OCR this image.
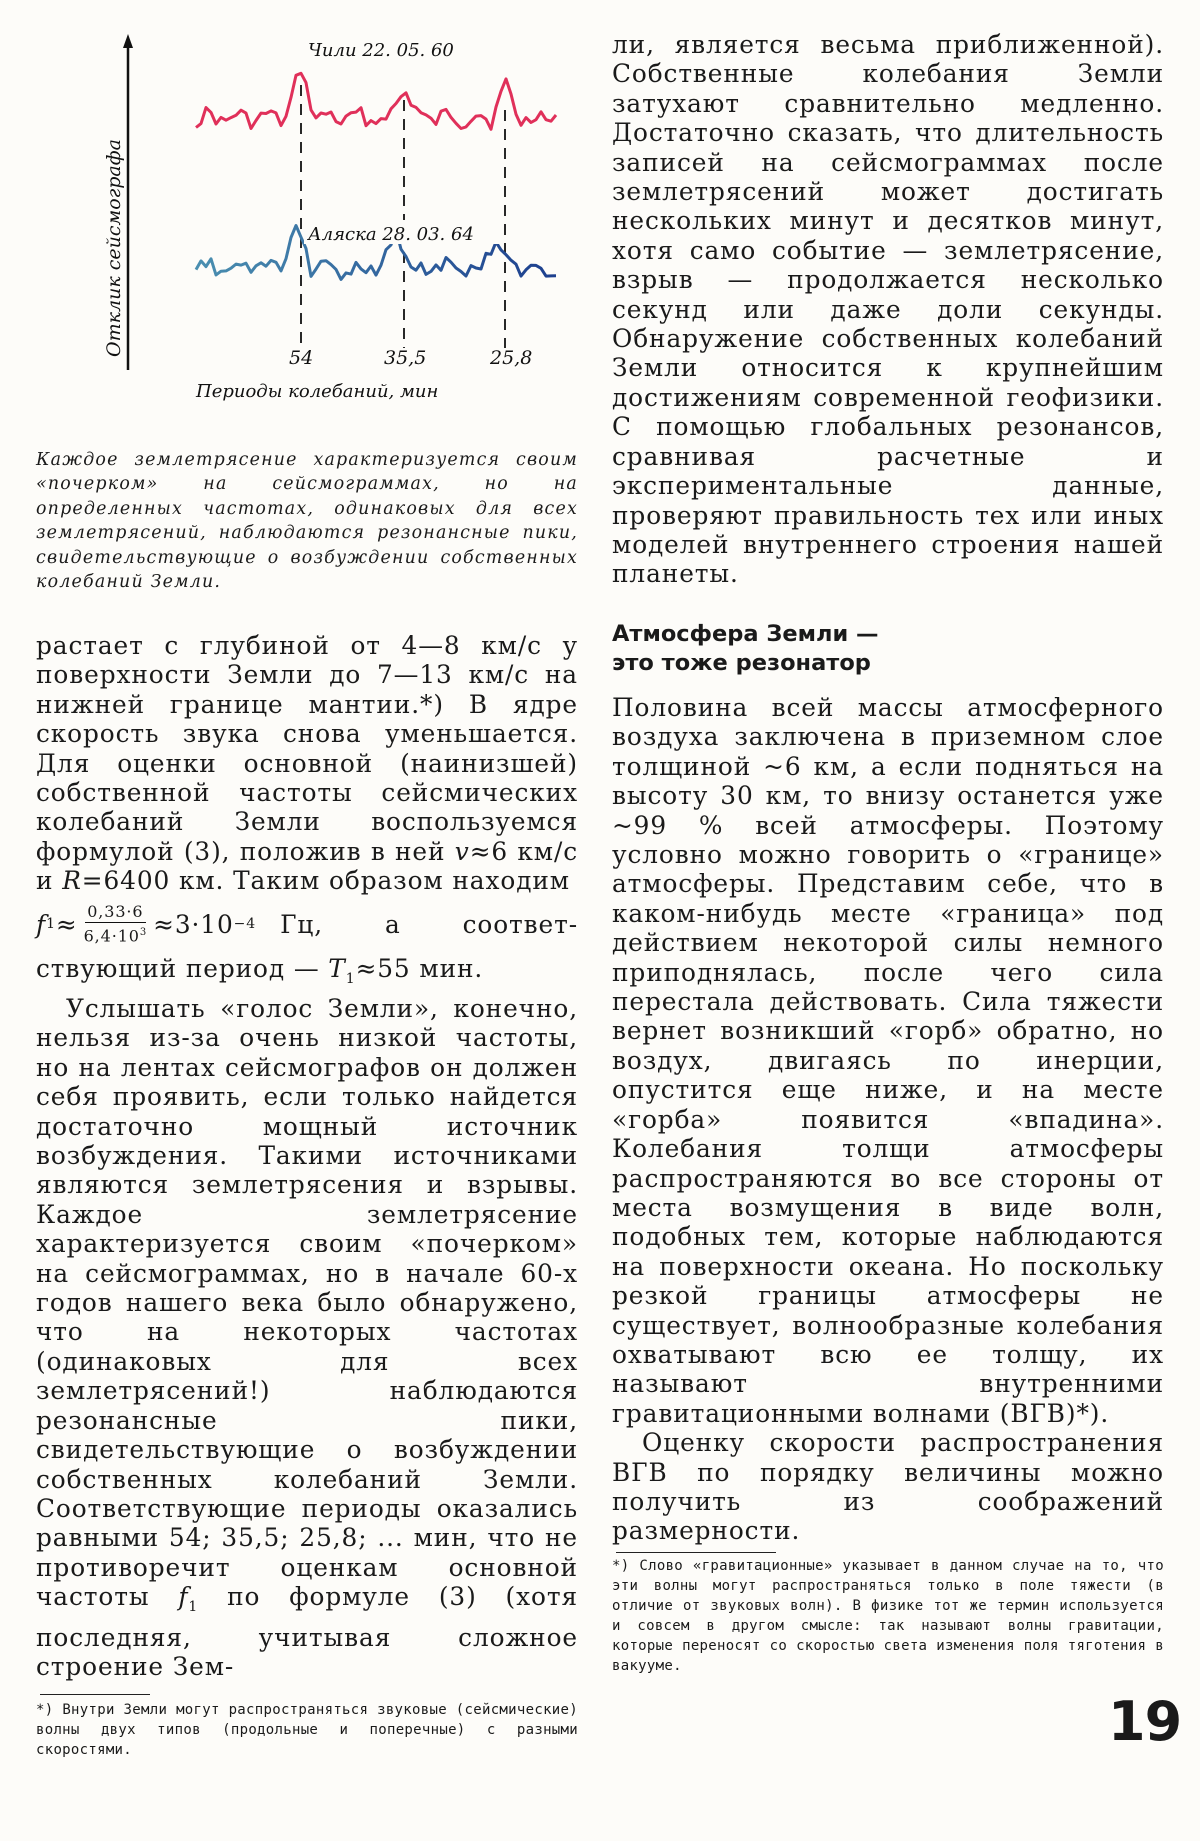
Отклик сейсмографа
Чили 22. 05. 60
Аляска 28. 03. 64
54	35,5	25,8
Периоды колебаний, мин

Каждое землетрясение характеризуется своим «почерком» на сейсмограммах, но на определенных частотах, одинаковых для всех землетрясений, наблюдаются резонансные пики, свидетельствующие о возбуждении собственных колебаний Земли.

растает с глубиной от 4—8 км/с у поверхности Земли до 7—13 км/с на нижней границе мантии.*) В ядре скорость звука снова уменьшается. Для оценки основной (наинизшей) собственной частоты сейсмических колебаний Земли воспользуемся формулой (3), положив в ней v≈6 км/с и R=6400 км. Таким образом находим

f $1 \approx \frac{0,33\cdot 6}{6,4\cdot 10^3} \approx 3\cdot 10 -4$ Гц, а соответ-

ствующий период — $T_1\approx 55$ мин.

Услышать «голос Земли», конечно, нельзя из-за очень низкой частоты, но на лентах сейсмографов он должен себя проявить, если только найдется достаточно мощный источник возбуждения. Такими источниками являются землетрясения и взрывы. Каждое землетрясение характеризуется своим «почерком» на сейсмограммах, но в начале 60-х годов нашего века было обнаружено, что на некоторых частотах (одинаковых для всех землетрясений!) наблюдаются резонансные пики, свидетельствующие о возбуждении собственных колебаний Земли. Соответствующие периоды оказались равными 54; 35,5; 25,8; ... мин, что не противоречит оценкам основной частоты $f_1$ по формуле (3) (хотя последняя, учитывая сложное строение Зем-

*) Внутри Земли могут распространяться звуковые (сейсмические) волны двух типов (продольные и поперечные) с разными скоростями.

ли, является весьма приближенной). Собственные колебания Земли затухают сравнительно медленно. Достаточно сказать, что длительность записей на сейсмограммах после землетрясений может достигать нескольких минут и десятков минут, хотя само событие — землетрясение, взрыв — продолжается несколько секунд или даже доли секунды. Обнаружение собственных колебаний Земли относится к крупнейшим достижениям современной геофизики. С помощью глобальных резонансов, сравнивая расчетные и экспериментальные данные, проверяют правильность тех или иных моделей внутреннего строения нашей планеты.

Атмосфера Земли —
это тоже резонатор

Половина всей массы атмосферного воздуха заключена в приземном слое толщиной ~6 км, а если подняться на высоту 30 км, то внизу останется уже ~99 % всей атмосферы. Поэтому условно можно говорить о «границе» атмосферы. Представим себе, что в каком-нибудь месте «граница» под действием некоторой силы немного приподнялась, после чего сила перестала действовать. Сила тяжести вернет возникший «горб» обратно, но воздух, двигаясь по инерции, опустится еще ниже, и на месте «горба» появится «впадина». Колебания толщи атмосферы распространяются во все стороны от места возмущения в виде волн, подобных тем, которые наблюдаются на поверхности океана. Но поскольку резкой границы атмосферы не существует, волнообразные колебания охватывают всю ее толщу, их называют внутренними гравитационными волнами (ВГВ)*).

Оценку скорости распространения ВГВ по порядку величины можно получить из соображений размерности.

*) Слово «гравитационные» указывает в данном случае на то, что эти волны могут распространяться только в поле тяжести (в отличие от звуковых волн). В физике тот же термин используется и совсем в другом смысле: так называют волны гравитации, которые переносят со скоростью света изменения поля тяготения в вакууме.

19
